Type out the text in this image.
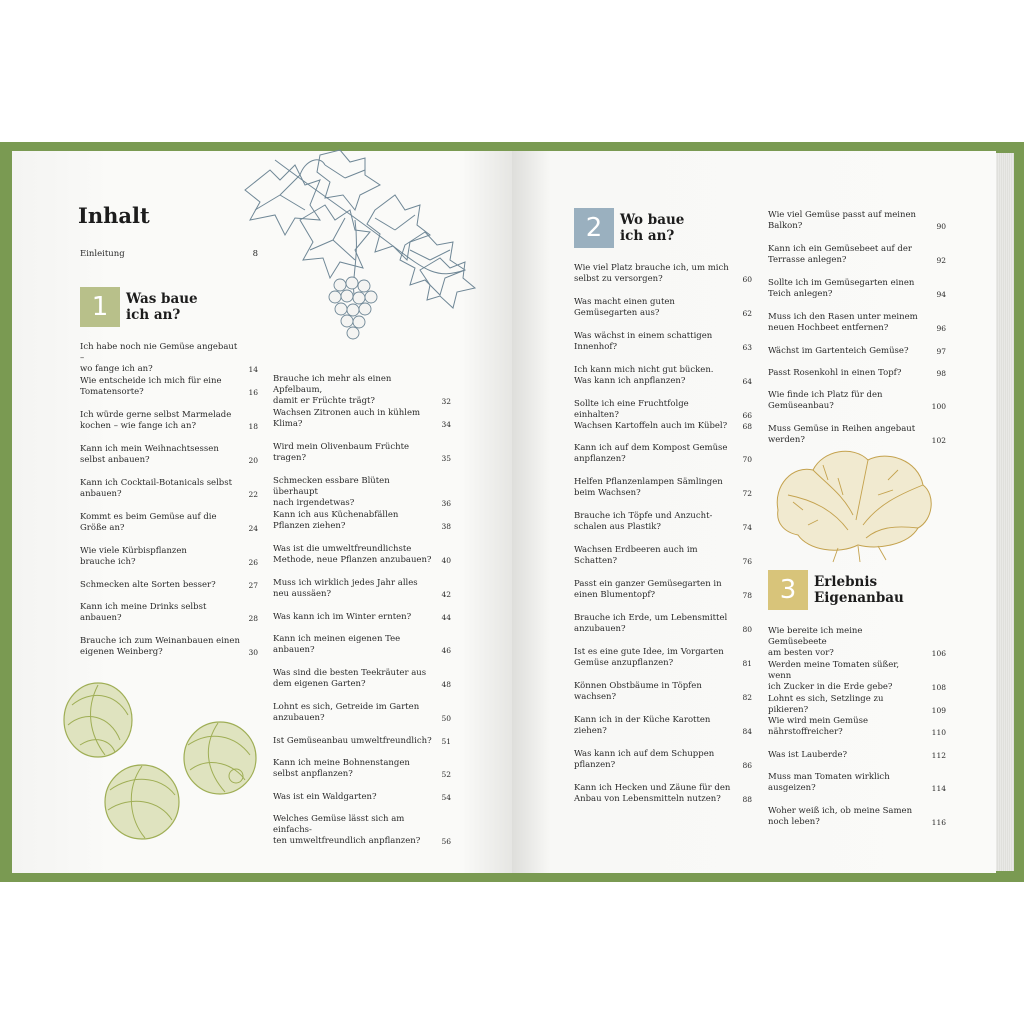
Inhalt
Einleitung	8
1	Was baue
ich an?
Ich habe noch nie Gemüse angebaut –
wo fange ich an?	14
Wie entscheide ich mich für eine
Tomatensorte?	16
Ich würde gerne selbst Marmelade
kochen – wie fange ich an?	18
Kann ich mein Weihnachtsessen
selbst anbauen?	20
Kann ich Cocktail-Botanicals selbst
anbauen?	22
Kommt es beim Gemüse auf die
Größe an?	24
Wie viele Kürbispflanzen
brauche ich?	26
Schmecken alte Sorten besser?	27
Kann ich meine Drinks selbst
anbauen?	28
Brauche ich zum Weinanbauen einen
eigenen Weinberg?	30
Brauche ich mehr als einen Apfelbaum,
damit er Früchte trägt?	32
Wachsen Zitronen auch in kühlem
Klima?	34
Wird mein Olivenbaum Früchte
tragen?	35
Schmecken essbare Blüten überhaupt
nach irgendetwas?	36
Kann ich aus Küchenabfällen
Pflanzen ziehen?	38
Was ist die umweltfreundlichste
Methode, neue Pflanzen anzubauen? 40
Muss ich wirklich jedes Jahr alles
neu aussäen?	42
Was kann ich im Winter ernten?	44
Kann ich meinen eigenen Tee
anbauen?	46
Was sind die besten Teekräuter aus
dem eigenen Garten?	48
Lohnt es sich, Getreide im Garten
anzubauen?	50
Ist Gemüseanbau umweltfreundlich? 51
Kann ich meine Bohnenstangen
selbst anpflanzen?	52
Was ist ein Waldgarten?	54
Welches Gemüse lässt sich am einfachs-
ten umweltfreundlich anpflanzen?	56
2	Wo baue
ich an?
Wie viel Platz brauche ich, um mich
selbst zu versorgen?	60
Was macht einen guten
Gemüsegarten aus?	62
Was wächst in einem schattigen
Innenhof?	63
Ich kann mich nicht gut bücken.
Was kann ich anpflanzen?	64
Sollte ich eine Fruchtfolge einhalten?	66
Wachsen Kartoffeln auch im Kübel?	68
Kann ich auf dem Kompost Gemüse
anpflanzen?	70
Helfen Pflanzenlampen Sämlingen
beim Wachsen?	72
Brauche ich Töpfe und Anzucht-
schalen aus Plastik?	74
Wachsen Erdbeeren auch im
Schatten?	76
Passt ein ganzer Gemüsegarten in
einen Blumentopf?	78
Brauche ich Erde, um Lebensmittel
anzubauen?	80
Ist es eine gute Idee, im Vorgarten
Gemüse anzupflanzen?	81
Können Obstbäume in Töpfen
wachsen?	82
Kann ich in der Küche Karotten
ziehen?	84
Was kann ich auf dem Schuppen
pflanzen?	86
Kann ich Hecken und Zäune für den
Anbau von Lebensmitteln nutzen?	88
Wie viel Gemüse passt auf meinen
Balkon?	90
Kann ich ein Gemüsebeet auf der
Terrasse anlegen?	92
Sollte ich im Gemüsegarten einen
Teich anlegen?	94
Muss ich den Rasen unter meinem
neuen Hochbeet entfernen?	96
Wächst im Gartenteich Gemüse?	97
Passt Rosenkohl in einen Topf?	98
Wie finde ich Platz für den
Gemüseanbau?	100
Muss Gemüse in Reihen angebaut
werden?	102
3	Erlebnis
Eigenanbau
Wie bereite ich meine Gemüsebeete
am besten vor?	106
Werden meine Tomaten süßer, wenn
ich Zucker in die Erde gebe?	108
Lohnt es sich, Setzlinge zu pikieren?	109
Wie wird mein Gemüse
nährstoffreicher?	110
Was ist Lauberde?	112
Muss man Tomaten wirklich
ausgeizen?	114
Woher weiß ich, ob meine Samen
noch leben?	116
